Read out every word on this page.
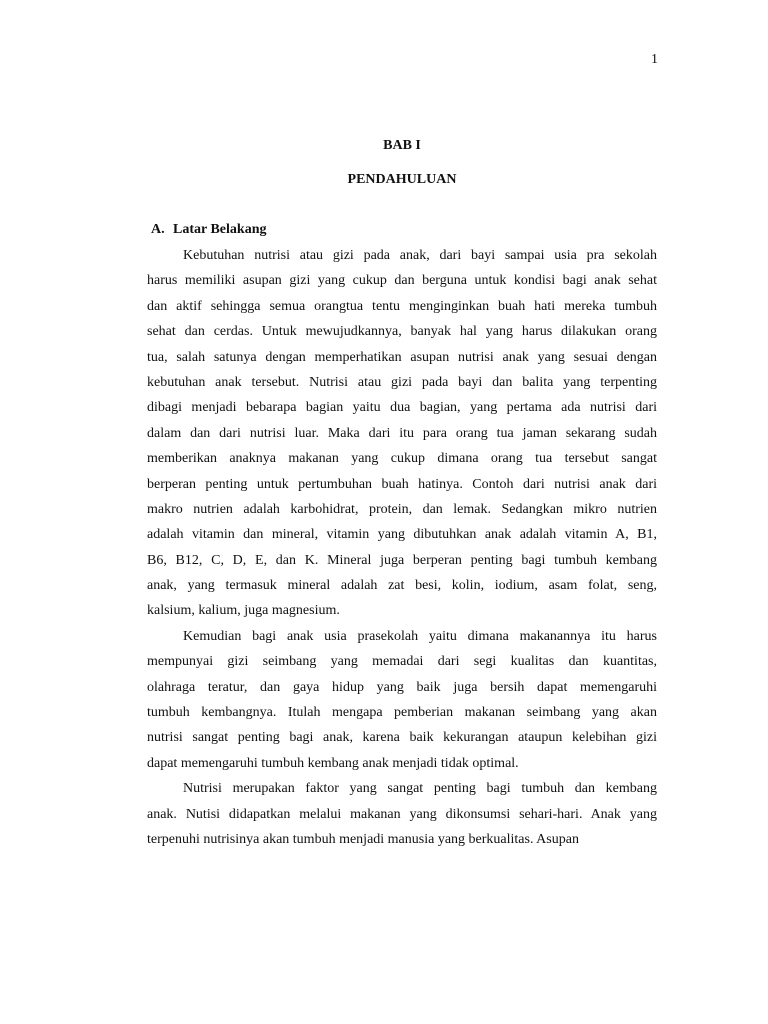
1
BAB I
PENDAHULUAN
A. Latar Belakang
Kebutuhan nutrisi atau gizi pada anak, dari bayi sampai usia pra sekolah
harus memiliki asupan gizi yang cukup dan berguna untuk kondisi bagi anak sehat
dan aktif sehingga semua orangtua tentu menginginkan buah hati mereka tumbuh
sehat dan cerdas. Untuk mewujudkannya, banyak hal yang harus dilakukan orang
tua, salah satunya dengan memperhatikan asupan nutrisi anak yang sesuai dengan
kebutuhan anak tersebut. Nutrisi atau gizi pada bayi dan balita yang terpenting
dibagi menjadi bebarapa bagian yaitu dua bagian, yang pertama ada nutrisi dari
dalam dan dari nutrisi luar. Maka dari itu para orang tua jaman sekarang sudah
memberikan anaknya makanan yang cukup dimana orang tua tersebut sangat
berperan penting untuk pertumbuhan buah hatinya. Contoh dari nutrisi anak dari
makro nutrien adalah karbohidrat, protein, dan lemak. Sedangkan mikro nutrien
adalah vitamin dan mineral, vitamin yang dibutuhkan anak adalah vitamin A, B1,
B6, B12, C, D, E, dan K. Mineral juga berperan penting bagi tumbuh kembang
anak, yang termasuk mineral adalah zat besi, kolin, iodium, asam folat, seng,
kalsium, kalium, juga magnesium.
Kemudian bagi anak usia prasekolah yaitu dimana makanannya itu harus
mempunyai gizi seimbang yang memadai dari segi kualitas dan kuantitas,
olahraga teratur, dan gaya hidup yang baik juga bersih dapat memengaruhi
tumbuh kembangnya. Itulah mengapa pemberian makanan seimbang yang akan
nutrisi sangat penting bagi anak, karena baik kekurangan ataupun kelebihan gizi
dapat memengaruhi tumbuh kembang anak menjadi tidak optimal.
Nutrisi merupakan faktor yang sangat penting bagi tumbuh dan kembang
anak. Nutisi didapatkan melalui makanan yang dikonsumsi sehari-hari. Anak yang
terpenuhi nutrisinya akan tumbuh menjadi manusia yang berkualitas. Asupan
